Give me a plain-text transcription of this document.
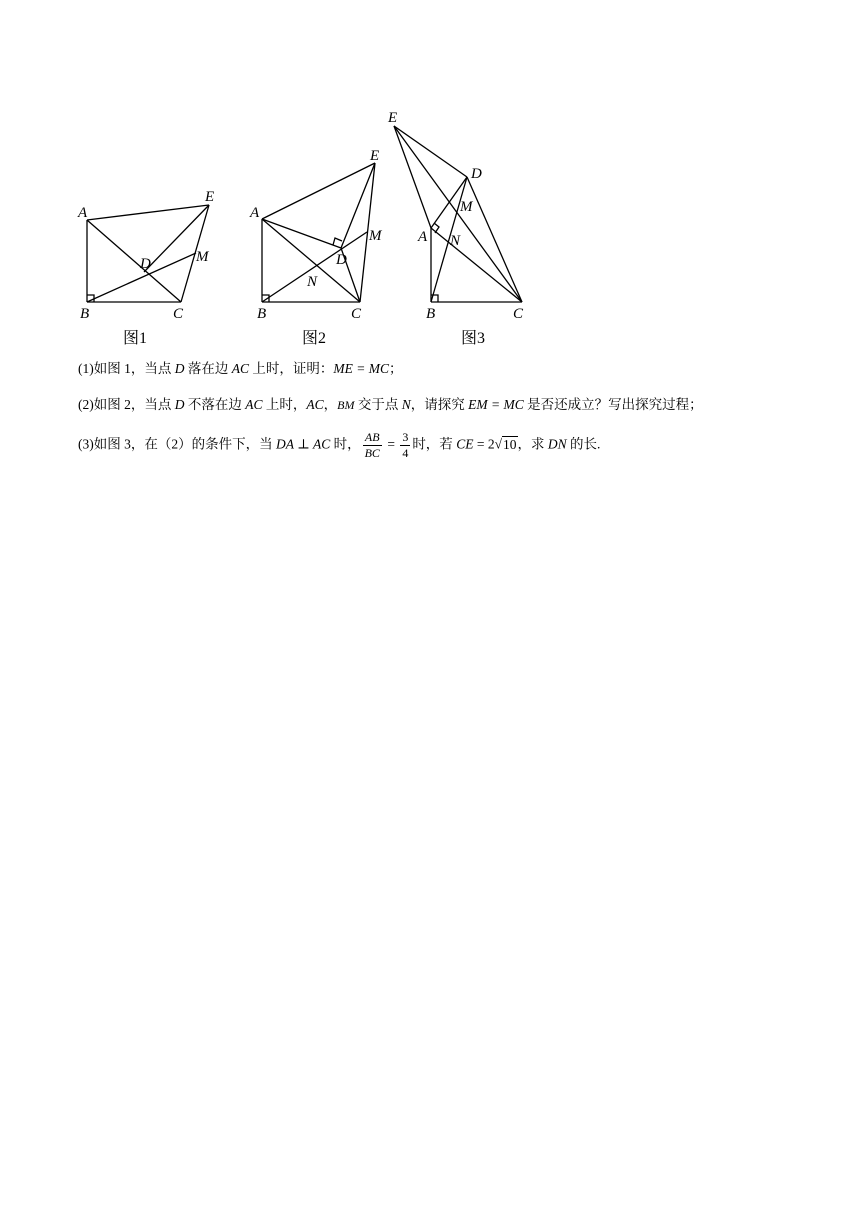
A
B	C
D
E
M
图1
A
B	C
D
E
M
N
图2
E
D
M
A N
B	C
图3
(1)如图 1，当点 D 落在边 AC 上时，证明：ME = MC；
(2)如图 2，当点 D 不落在边 AC 上时，AC，BM 交于点 N，请探究 EM = MC 是否还成立？写出探究过程；
(3)如图 3，在（2）的条件下，当 DA ⊥ AC 时， $\frac{AB}{BC} = \frac{3}{4}$ 时，若 CE = 2√10，求 DN 的长.
